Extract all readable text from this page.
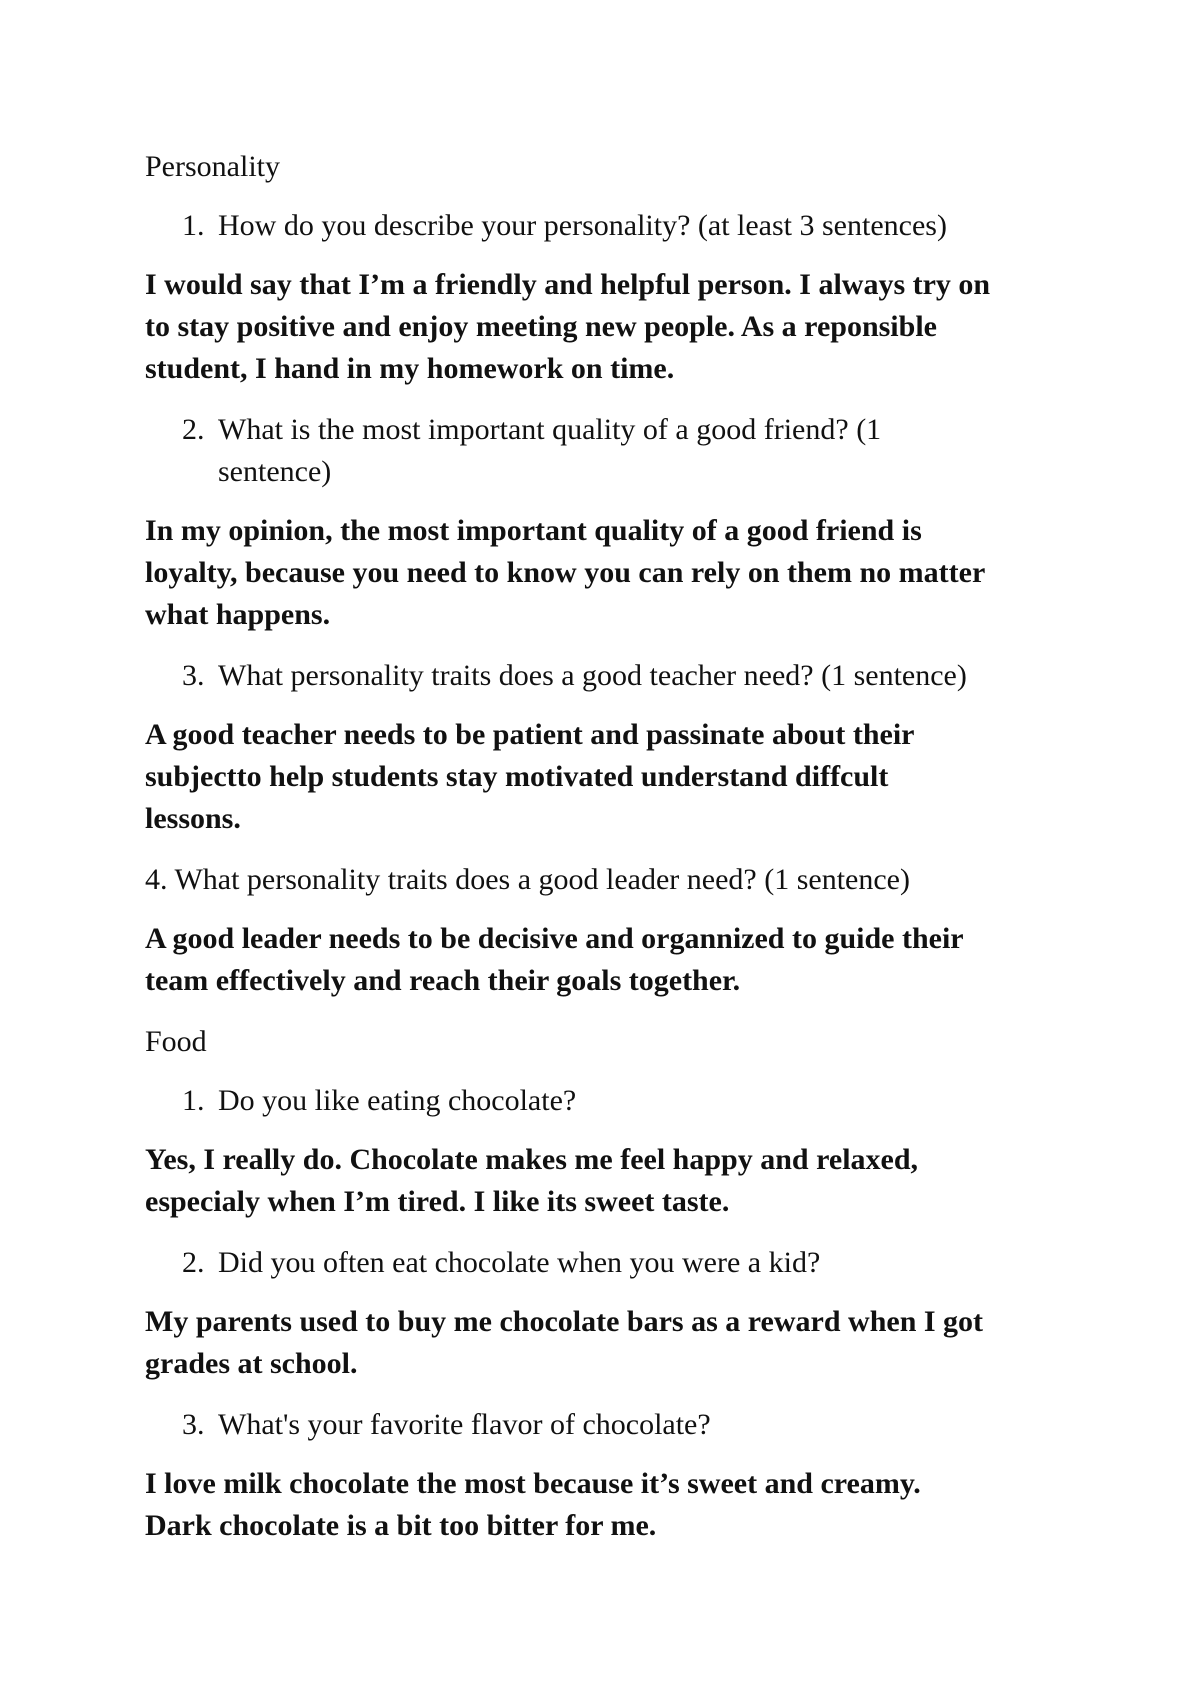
Personality

1. How do you describe your personality? (at least 3 sentences)

I would say that I’m a friendly and helpful person. I always try on

to stay positive and enjoy meeting new people. As a reponsible

student, I hand in my homework on time.

2. What is the most important quality of a good friend? (1
sentence)

In my opinion, the most important quality of a good friend is

loyalty, because you need to know you can rely on them no matter

what happens.

3. What personality traits does a good teacher need? (1 sentence)

A good teacher needs to be patient and passinate about their

subjectto help students stay motivated understand diffcult

lessons.

4. What personality traits does a good leader need? (1 sentence)

A good leader needs to be decisive and organnized to guide their

team effectively and reach their goals together.

Food

1. Do you like eating chocolate?

Yes, I really do. Chocolate makes me feel happy and relaxed,

especialy when I’m tired. I like its sweet taste.

2. Did you often eat chocolate when you were a kid?

My parents used to buy me chocolate bars as a reward when I got

grades at school.

3. What's your favorite flavor of chocolate?

I love milk chocolate the most because it’s sweet and creamy.

Dark chocolate is a bit too bitter for me.
